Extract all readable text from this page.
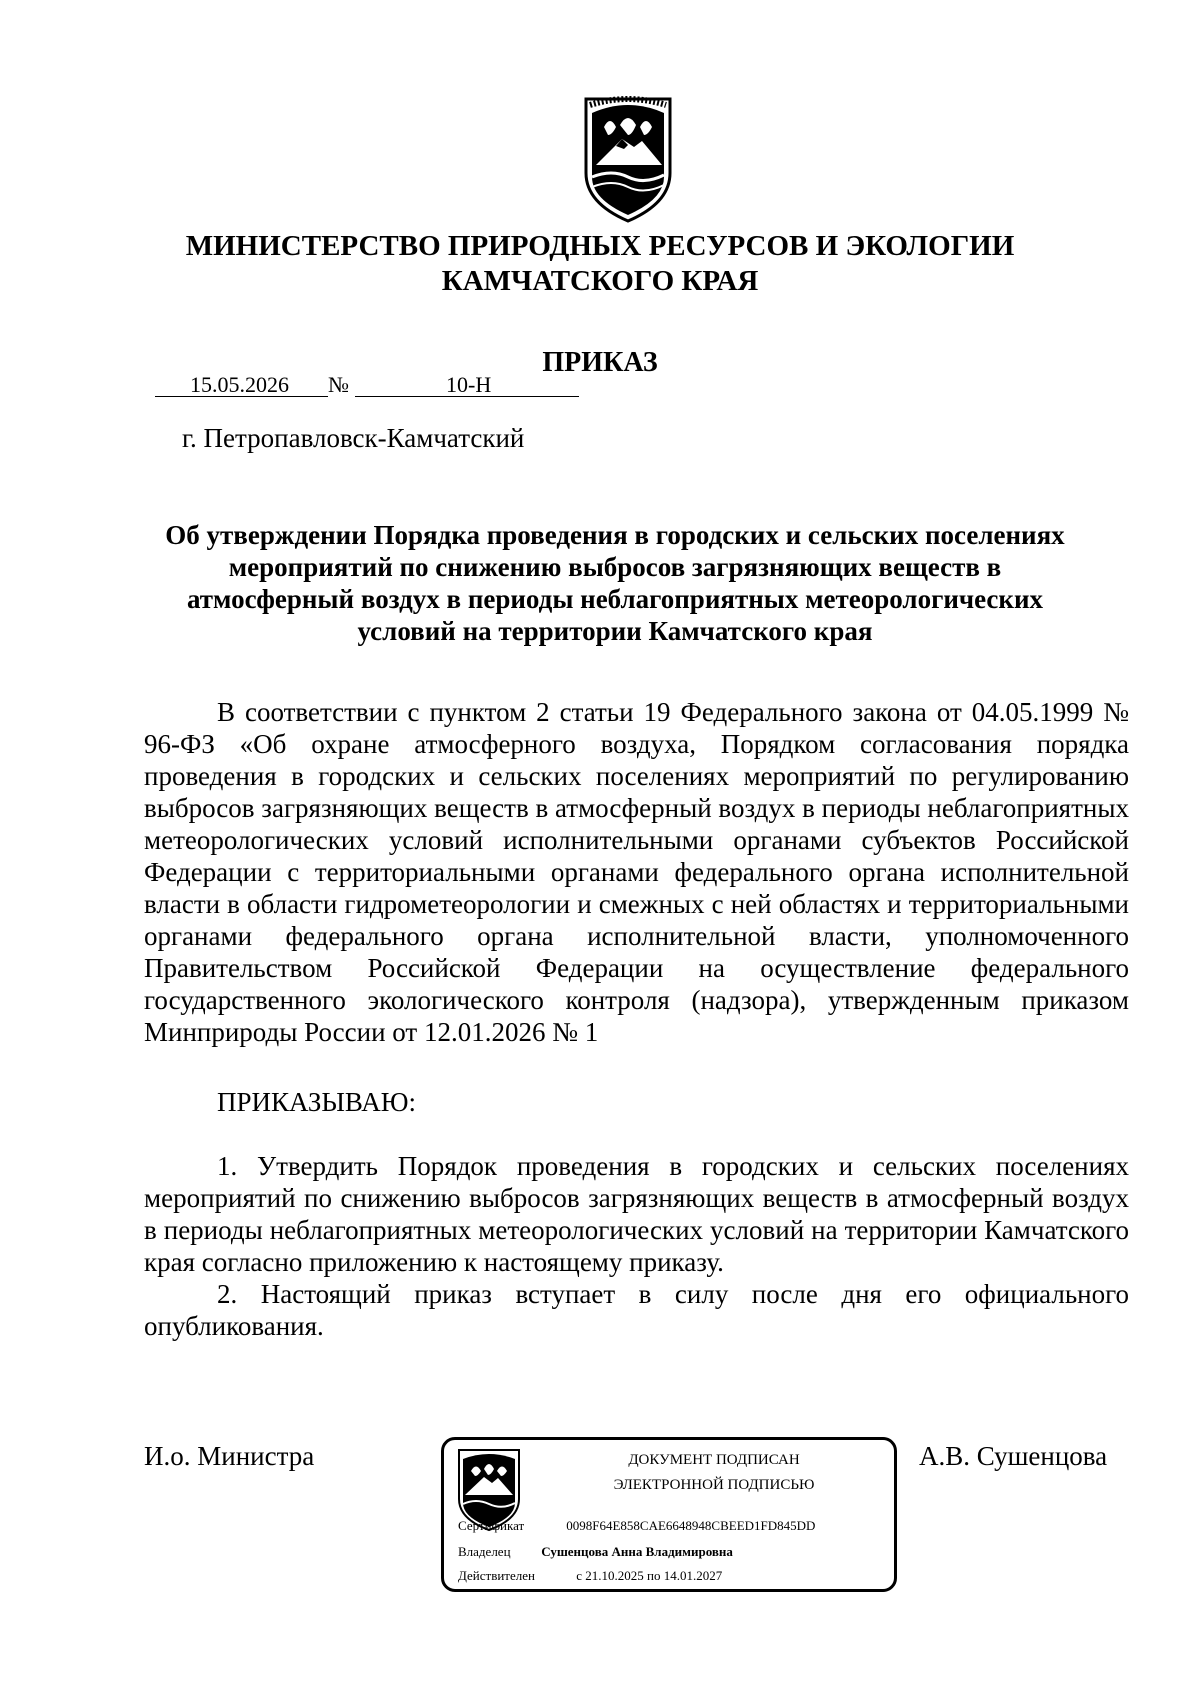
МИНИСТЕРСТВО ПРИРОДНЫХ РЕСУРСОВ И ЭКОЛОГИИ
КАМЧАТСКОГО КРАЯ
ПРИКАЗ
15.05.2026 №	10-Н
г. Петропавловск-Камчатский
Об утверждении Порядка проведения в городских и сельских поселениях
мероприятий по снижению выбросов загрязняющих веществ в
атмосферный воздух в периоды неблагоприятных метеорологических
условий на территории Камчатского края
В соответствии с пунктом 2 статьи 19 Федерального закона от 04.05.1999 № 96-ФЗ «Об охране атмосферного воздуха, Порядком согласования порядка проведения в городских и сельских поселениях мероприятий по регулированию выбросов загрязняющих веществ в атмосферный воздух в периоды неблагоприятных метеорологических условий исполнительными органами субъектов Российской Федерации с территориальными органами федерального органа исполнительной власти в области гидрометеорологии и смежных с ней областях и территориальными органами федерального органа исполнительной власти, уполномоченного Правительством Российской Федерации на осуществление федерального государственного экологического контроля (надзора), утвержденным приказом Минприроды России от 12.01.2026 № 1
ПРИКАЗЫВАЮ:
1. Утвердить Порядок проведения в городских и сельских поселениях мероприятий по снижению выбросов загрязняющих веществ в атмосферный воздух в периоды неблагоприятных метеорологических условий на территории Камчатского края согласно приложению к настоящему приказу.
2. Настоящий приказ вступает в силу после дня его официального опубликования.
И.о. Министра	А.В. Сушенцова
ДОКУМЕНТ ПОДПИСАН
ЭЛЕКТРОННОЙ ПОДПИСЬЮ
Сертификат	0098F64E858CAE6648948CBEED1FD845DD
Владелец Сушенцова Анна Владимировна
Действителен	с 21.10.2025 по 14.01.2027
